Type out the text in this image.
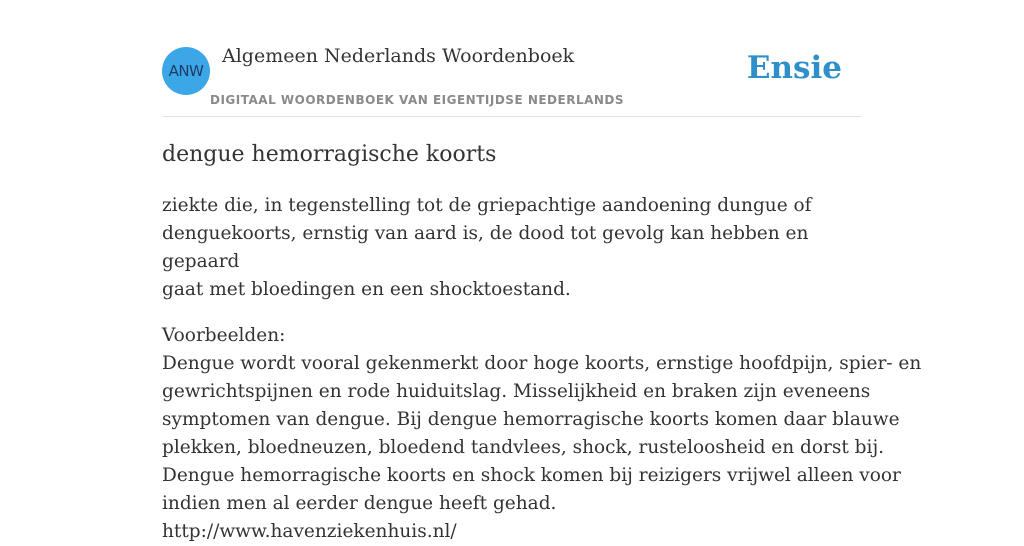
ANW
Algemeen Nederlands Woordenboek
DIGITAAL WOORDENBOEK VAN EIGENTIJDSE NEDERLANDS
Ensie
dengue hemorragische koorts
ziekte die, in tegenstelling tot de griepachtige aandoening dungue of
denguekoorts, ernstig van aard is, de dood tot gevolg kan hebben en gepaard
gaat met bloedingen en een shocktoestand.
Voorbeelden:
Dengue wordt vooral gekenmerkt door hoge koorts, ernstige hoofdpijn, spier- en
gewrichtspijnen en rode huiduitslag. Misselijkheid en braken zijn eveneens
symptomen van dengue. Bij dengue hemorragische koorts komen daar blauwe
plekken, bloedneuzen, bloedend tandvlees, shock, rusteloosheid en dorst bij.
Dengue hemorragische koorts en shock komen bij reizigers vrijwel alleen voor
indien men al eerder dengue heeft gehad.
http://www.havenziekenhuis.nl/
